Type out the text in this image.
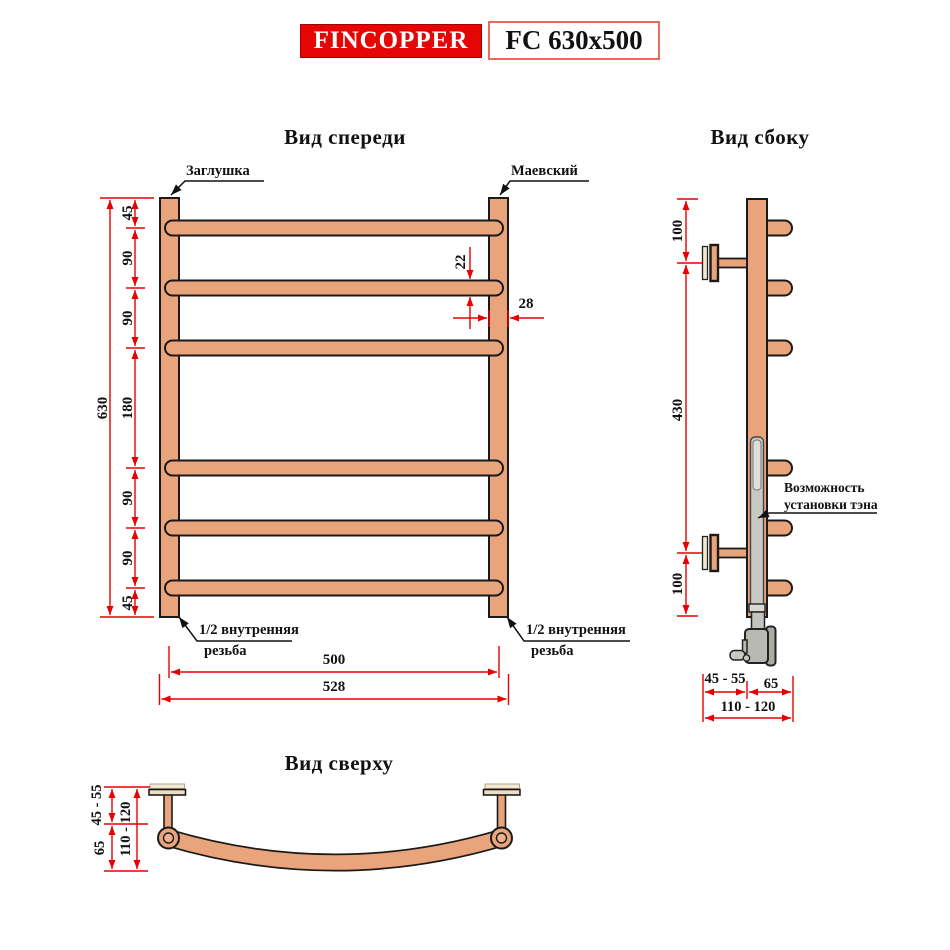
FINCOPPER	FC 630x500
Вид спереди	Вид сбоку
Вид сверху
Заглушка	Маевский
1/2 внутренняя
резьба
1/2 внутренняя
резьба
630
45
90
90
180
90
90
45
22
28
500
528
100
430
100
45 - 55	65
110 - 120
Возможность
установки тэна
45 - 55
65 110 - 120
